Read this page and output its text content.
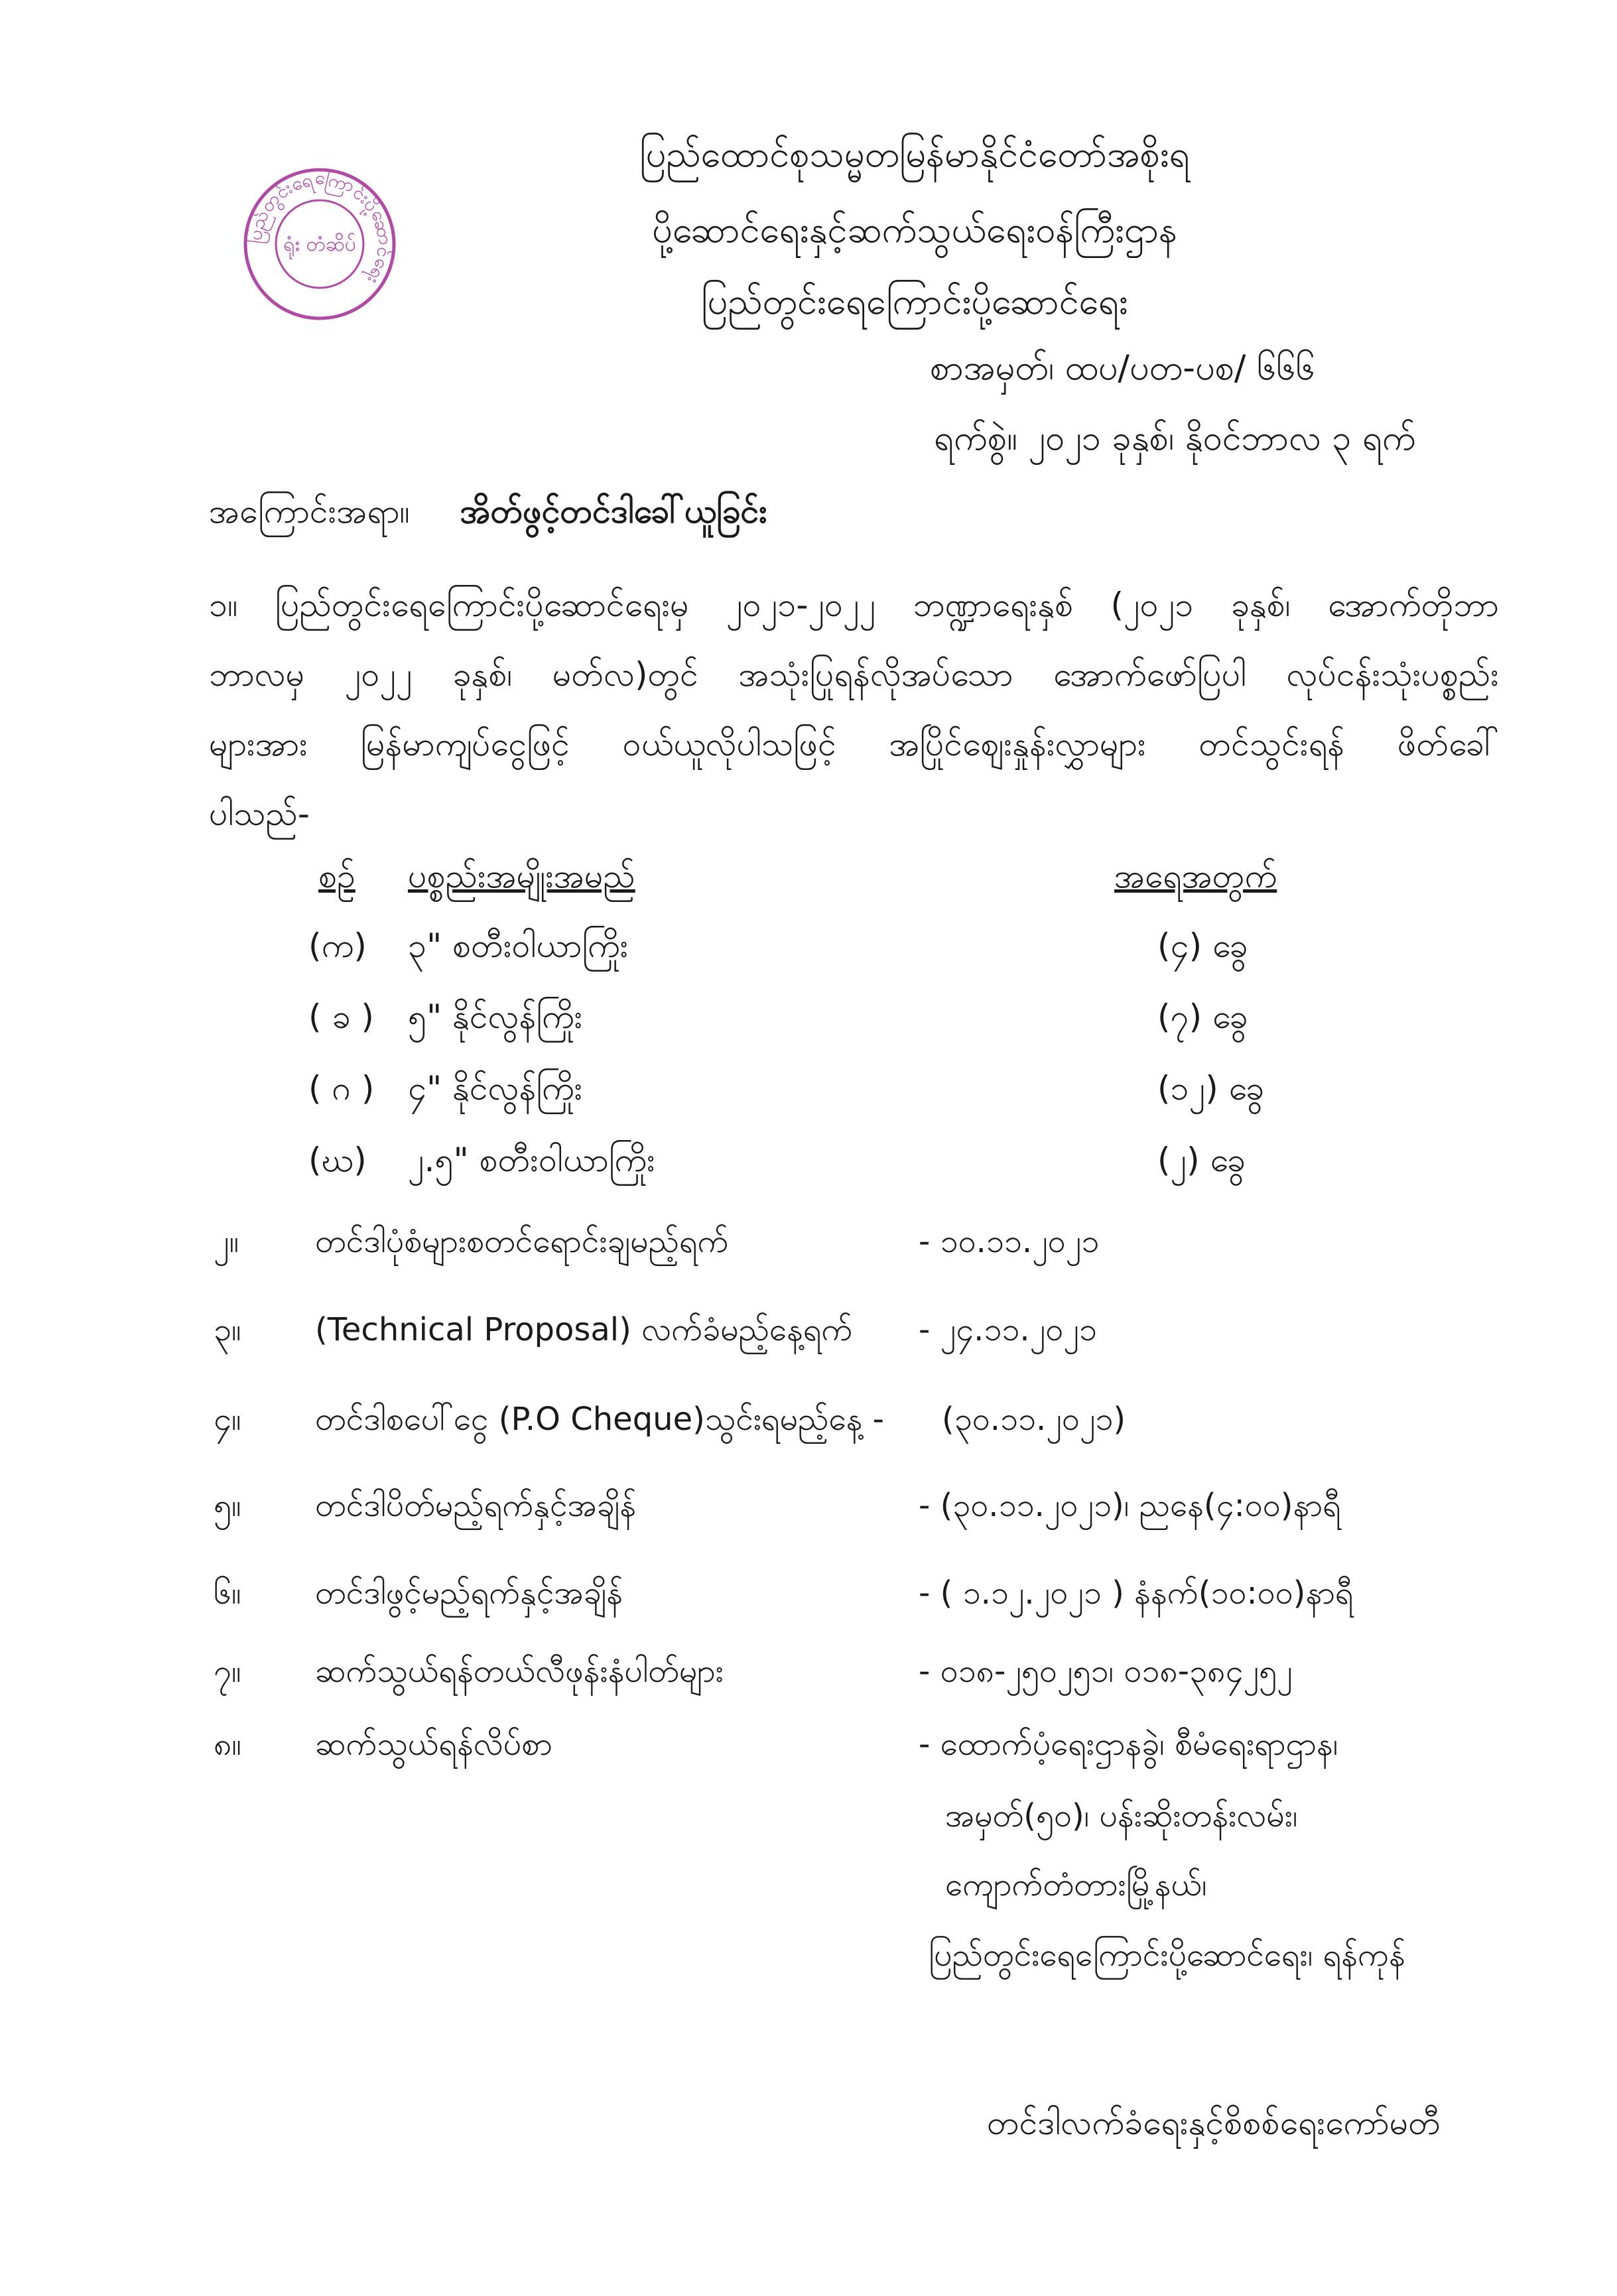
ပြည်တွင်းရေကြောင်းပို့ဆောင်ရေး
ရုံး တံဆိပ်
ပြည်ထောင်စုသမ္မတမြန်မာနိုင်ငံတော်အစိုးရ
ပို့ဆောင်ရေးနှင့်ဆက်သွယ်ရေးဝန်ကြီးဌာန
ပြည်တွင်းရေကြောင်းပို့ဆောင်ရေး
စာအမှတ်၊ ထပ/ပတ-ပစ/ ၆၆၆
ရက်စွဲ။ ၂၀၂၁ ခုနှစ်၊ နိုဝင်ဘာလ ၃ ရက်
အကြောင်းအရာ။ အိတ်ဖွင့်တင်ဒါခေါ်ယူခြင်း
၁။ ပြည်တွင်းရေကြောင်းပို့ဆောင်ရေးမှ ၂၀၂၁-၂၀၂၂ ဘဏ္ဍာရေးနှစ် (၂၀၂၁ ခုနှစ်၊ အောက်တိုဘာ
ဘာလမှ ၂၀၂၂ ခုနှစ်၊ မတ်လ)တွင် အသုံးပြုရန်လိုအပ်သော အောက်ဖော်ပြပါ လုပ်ငန်းသုံးပစ္စည်း
များအား မြန်မာကျပ်ငွေဖြင့် ဝယ်ယူလိုပါသဖြင့် အပြိုင်ဈေးနှုန်းလွှာများ တင်သွင်းရန် ဖိတ်ခေါ်
ပါသည်-
စဉ် ပစ္စည်းအမျိုးအမည်	အရေအတွက်
(က) ၃" စတီးဝါယာကြိုး	(၄) ခွေ
( ခ ) ၅" နိုင်လွန်ကြိုး	(၇) ခွေ
( ဂ ) ၄" နိုင်လွန်ကြိုး	(၁၂) ခွေ
(ဃ) ၂.၅" စတီးဝါယာကြိုး	(၂) ခွေ
၂။ တင်ဒါပုံစံများစတင်ရောင်းချမည့်ရက်	- ၁၀.၁၁.၂၀၂၁
၃။ (Technical Proposal) လက်ခံမည့်နေ့ရက် - ၂၄.၁၁.၂၀၂၁
၄။ တင်ဒါစပေါ်ငွေ (P.O Cheque)သွင်းရမည့်နေ့ - (၃၀.၁၁.၂၀၂၁)
၅။ တင်ဒါပိတ်မည့်ရက်နှင့်အချိန်	- (၃၀.၁၁.၂၀၂၁)၊ ညနေ(၄:၀၀)နာရီ
၆။ တင်ဒါဖွင့်မည့်ရက်နှင့်အချိန်	- ( ၁.၁၂.၂၀၂၁ ) နံနက်(၁၀:၀၀)နာရီ
၇။ ဆက်သွယ်ရန်တယ်လီဖုန်းနံပါတ်များ	- ၀၁၈-၂၅၀၂၅၁၊ ၀၁၈-၃၈၄၂၅၂
၈။ ဆက်သွယ်ရန်လိပ်စာ	- ထောက်ပံ့ရေးဌာနခွဲ၊ စီမံရေးရာဌာန၊
အမှတ်(၅၀)၊ ပန်းဆိုးတန်းလမ်း၊
ကျောက်တံတားမြို့နယ်၊
ပြည်တွင်းရေကြောင်းပို့ဆောင်ရေး၊ ရန်ကုန်
တင်ဒါလက်ခံရေးနှင့်စိစစ်ရေးကော်မတီ
